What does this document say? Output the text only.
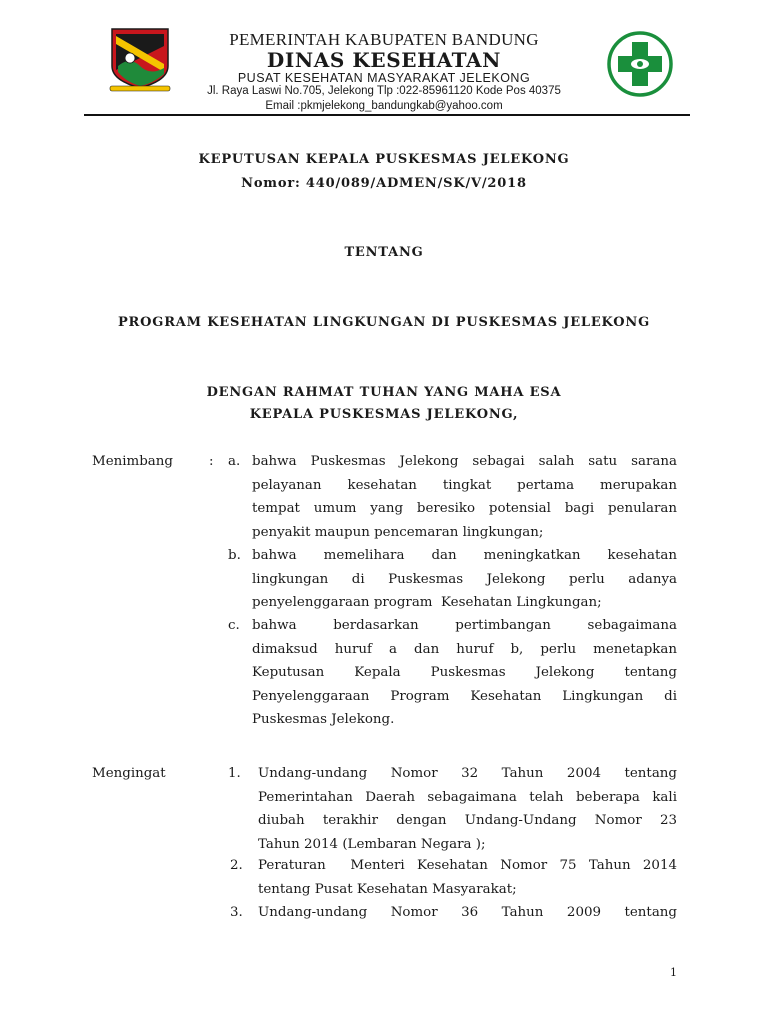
PEMERINTAH KABUPATEN BANDUNG
DINAS KESEHATAN
PUSAT KESEHATAN MASYARAKAT JELEKONG
Jl. Raya Laswi No.705, Jelekong Tlp :022-85961120 Kode Pos 40375
Email :pkmjelekong_bandungkab@yahoo.com
KEPUTUSAN KEPALA PUSKESMAS JELEKONG
Nomor: 440/089/ADMEN/SK/V/2018
TENTANG
PROGRAM KESEHATAN LINGKUNGAN DI PUSKESMAS JELEKONG
DENGAN RAHMAT TUHAN YANG MAHA ESA
KEPALA PUSKESMAS JELEKONG,
Menimbang	: a. bahwa Puskesmas Jelekong sebagai salah satu sarana
pelayanan kesehatan tingkat pertama merupakan
tempat umum yang beresiko potensial bagi penularan
penyakit maupun pencemaran lingkungan;
b. bahwa memelihara dan meningkatkan kesehatan
lingkungan di Puskesmas Jelekong perlu adanya
penyelenggaraan program  Kesehatan Lingkungan;
c. bahwa berdasarkan pertimbangan sebagaimana
dimaksud huruf a dan huruf b, perlu menetapkan
Keputusan Kepala Puskesmas Jelekong tentang
Penyelenggaraan Program Kesehatan Lingkungan di
Puskesmas Jelekong.
Mengingat	1. Undang-undang Nomor 32 Tahun 2004 tentang
Pemerintahan Daerah sebagaimana telah beberapa kali
diubah terakhir dengan Undang-Undang Nomor 23
Tahun 2014 (Lembaran Negara );
2. Peraturan  Menteri Kesehatan Nomor 75 Tahun 2014
tentang Pusat Kesehatan Masyarakat;
3. Undang-undang Nomor 36 Tahun 2009 tentang
1
